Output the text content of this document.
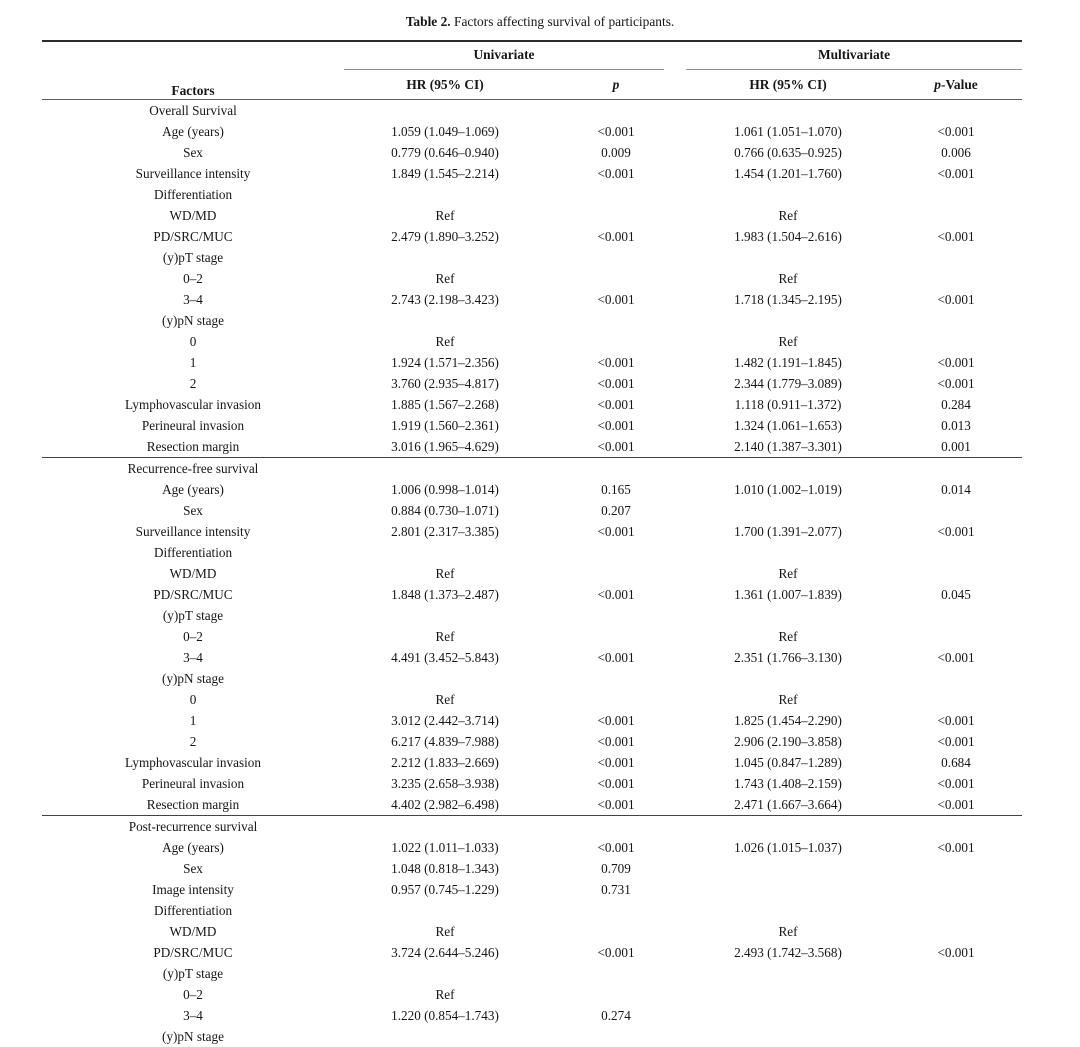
Table 2. Factors affecting survival of participants.
Factors	Univariate		Multivariate	

	HR (95% CI)	p	HR (95% CI)	p-Value
Overall Survival				
Age (years)	1.059 (1.049–1.069)	<0.001	1.061 (1.051–1.070)	<0.001
Sex	0.779 (0.646–0.940)	0.009	0.766 (0.635–0.925)	0.006
Surveillance intensity	1.849 (1.545–2.214)	<0.001	1.454 (1.201–1.760)	<0.001
Differentiation				
WD/MD	Ref		Ref	
PD/SRC/MUC	2.479 (1.890–3.252)	<0.001	1.983 (1.504–2.616)	<0.001
(y)pT stage				
0–2	Ref		Ref	
3–4	2.743 (2.198–3.423)	<0.001	1.718 (1.345–2.195)	<0.001
(y)pN stage				
0	Ref		Ref	
1	1.924 (1.571–2.356)	<0.001	1.482 (1.191–1.845)	<0.001
2	3.760 (2.935–4.817)	<0.001	2.344 (1.779–3.089)	<0.001
Lymphovascular invasion	1.885 (1.567–2.268)	<0.001	1.118 (0.911–1.372)	0.284
Perineural invasion	1.919 (1.560–2.361)	<0.001	1.324 (1.061–1.653)	0.013
Resection margin	3.016 (1.965–4.629)	<0.001	2.140 (1.387–3.301)	0.001
Recurrence-free survival				
Age (years)	1.006 (0.998–1.014)	0.165	1.010 (1.002–1.019)	0.014
Sex	0.884 (0.730–1.071)	0.207		
Surveillance intensity	2.801 (2.317–3.385)	<0.001	1.700 (1.391–2.077)	<0.001
Differentiation				
WD/MD	Ref		Ref	
PD/SRC/MUC	1.848 (1.373–2.487)	<0.001	1.361 (1.007–1.839)	0.045
(y)pT stage				
0–2	Ref		Ref	
3–4	4.491 (3.452–5.843)	<0.001	2.351 (1.766–3.130)	<0.001
(y)pN stage				
0	Ref		Ref	
1	3.012 (2.442–3.714)	<0.001	1.825 (1.454–2.290)	<0.001
2	6.217 (4.839–7.988)	<0.001	2.906 (2.190–3.858)	<0.001
Lymphovascular invasion	2.212 (1.833–2.669)	<0.001	1.045 (0.847–1.289)	0.684
Perineural invasion	3.235 (2.658–3.938)	<0.001	1.743 (1.408–2.159)	<0.001
Resection margin	4.402 (2.982–6.498)	<0.001	2.471 (1.667–3.664)	<0.001
Post-recurrence survival				
Age (years)	1.022 (1.011–1.033)	<0.001	1.026 (1.015–1.037)	<0.001
Sex	1.048 (0.818–1.343)	0.709		
Image intensity	0.957 (0.745–1.229)	0.731		
Differentiation				
WD/MD	Ref		Ref	
PD/SRC/MUC	3.724 (2.644–5.246)	<0.001	2.493 (1.742–3.568)	<0.001
(y)pT stage				
0–2	Ref			
3–4	1.220 (0.854–1.743)	0.274		
(y)pN stage				
